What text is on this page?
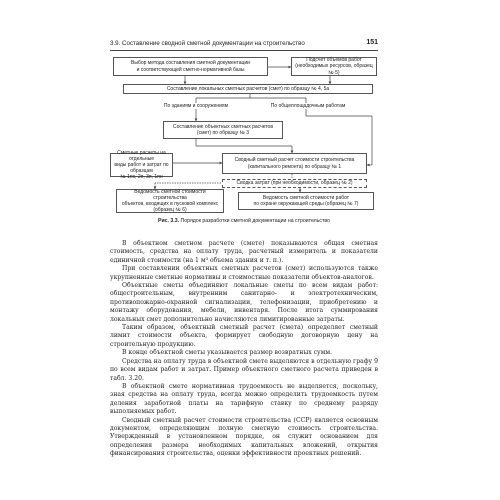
3.9. Составление сводной сметной документации на строительство	151
Выбор метода составления сметной документации
и соответствующей сметно-нормативной базы
Подсчет объемов работ
(необходимых ресурсов, образец № 5)
Составление локальных сметных расчетов (смет) по образцу № 4, 5а
По зданиям и сооружениям	По общеплощадочным работам
Составление объектных сметных расчетов
(смет) по образцу № 3
Сметные расчеты на отдельные
виды работ и затрат по образцам
№ 1пс, 2п, 3п, 1пн
Сводный сметный расчет стоимости строительства
(капитального ремонта) по образцу № 1
Сводка затрат (при необходимости, образец № 2)
Ведомость сметной стоимости строительства
объектов, входящих в пусковой комплекс
(образец № 6)
Ведомость сметной стоимости работ
по охране окружающей среды (образец № 7)
Рис. 3.3. Порядок разработки сметной документации на строительство

В объектном сметном расчете (смете) показываются общая сметная стоимость, средства на оплату труда, расчетный измеритель и показатели единичной стоимости (на 1 м³ объема здания и т. п.).

При составлении объектных сметных расчетов (смет) используются также укрупненные сметные нормативы и стоимостные показатели объектов-аналогов.

Объектные сметы объединяют локальные сметы по всем видам работ: общестроительным, внутренним санитарно- и электротехническим, противопожарно-охранной сигнализации, телефонизации, приобретению и монтажу оборудования, мебели, инвентаря. После итога суммирования локальных смет дополнительно начисляются лимитированные затраты.

Таким образом, объектный сметный расчет (смета) определяет сметный лимит стоимости объекта, формирует свободную договорную цену на строительную продукцию.

В конце объектной сметы указывается размер возвратных сумм.

Средства на оплату труда в объектной смете выделяются в отдельную графу 9 по всем видам работ и затрат. Пример объектного сметного расчета приведен в табл. 3.20.

В объектной смете нормативная трудоемкость не выделяется, поскольку, зная средства на оплату труда, всегда можно определить трудоемкость путем деления заработной платы на тарифную ставку по среднему разряду выполняемых работ.

Сводный сметный расчет стоимости строительства (ССР) является основным документом, определяющим полную сметную стоимость строительства. Утвержденный в установленном порядке, он служит основанием для определения размера необходимых капитальных вложений, открытия финансирования строительства, оценки эффективности проектных решений.
